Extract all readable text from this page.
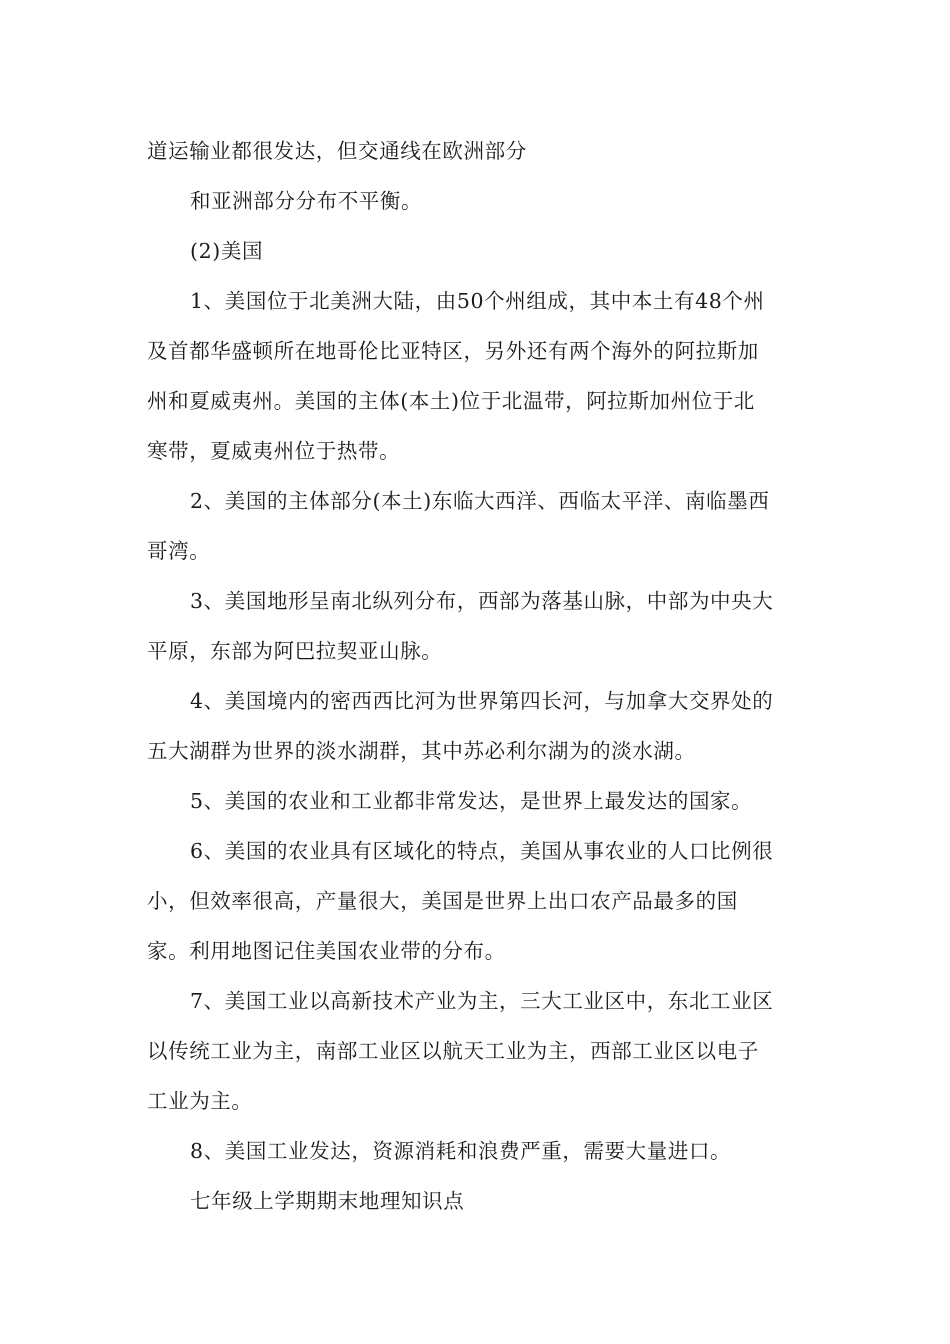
道运输业都很发达，但交通线在欧洲部分
和亚洲部分分布不平衡。
(2)美国
1、美国位于北美洲大陆，由50个州组成，其中本土有48个州
及首都华盛顿所在地哥伦比亚特区，另外还有两个海外的阿拉斯加
州和夏威夷州。美国的主体(本土)位于北温带，阿拉斯加州位于北
寒带，夏威夷州位于热带。
2、美国的主体部分(本土)东临大西洋、西临太平洋、南临墨西
哥湾。
3、美国地形呈南北纵列分布，西部为落基山脉，中部为中央大
平原，东部为阿巴拉契亚山脉。
4、美国境内的密西西比河为世界第四长河，与加拿大交界处的
五大湖群为世界的淡水湖群，其中苏必利尔湖为的淡水湖。
5、美国的农业和工业都非常发达，是世界上最发达的国家。
6、美国的农业具有区域化的特点，美国从事农业的人口比例很
小，但效率很高，产量很大，美国是世界上出口农产品最多的国
家。利用地图记住美国农业带的分布。
7、美国工业以高新技术产业为主，三大工业区中，东北工业区
以传统工业为主，南部工业区以航天工业为主，西部工业区以电子
工业为主。
8、美国工业发达，资源消耗和浪费严重，需要大量进口。
七年级上学期期末地理知识点
